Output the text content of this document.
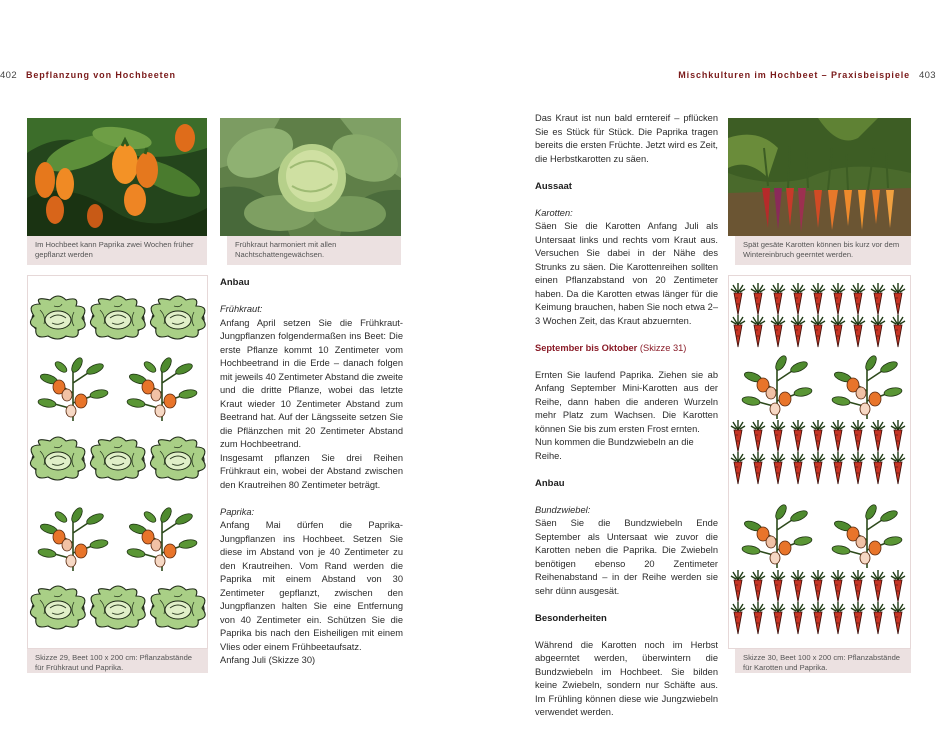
402 Bepflanzung von Hochbeeten	Mischkulturen im Hochbeet – Praxisbeispiele 403
Im Hochbeet kann Paprika zwei Wochen früher gepflanzt werden
Frühkraut harmoniert mit allen Nachtschattengewächsen.
Skizze 29, Beet 100 x 200 cm: Pflanzabstände für Frühkraut und Paprika.

Anbau

Frühkraut:

Anfang April setzen Sie die Frühkraut-Jungpflanzen folgendermaßen ins Beet: Die erste Pflanze kommt 10 Zentimeter vom Hochbeetrand in die Erde – danach folgen mit jeweils 40 Zentimeter Abstand die zweite und die dritte Pflanze, wobei das letzte Kraut wieder 10 Zentimeter Abstand zum Beetrand hat. Auf der Längsseite setzen Sie die Pflänzchen mit 20 Zentimeter Abstand zum Hochbeetrand.

Insgesamt pflanzen Sie drei Reihen Frühkraut ein, wobei der Abstand zwischen den Krautreihen 80 Zentimeter beträgt.

Paprika:

Anfang Mai dürfen die Paprika-Jungpflanzen ins Hochbeet. Setzen Sie diese im Abstand von je 40 Zentimeter zu den Krautreihen. Vom Rand werden die Paprika mit einem Abstand von 30 Zentimeter gepflanzt, zwischen den Jungpflanzen halten Sie eine Entfernung von 40 Zentimeter ein. Schützen Sie die Paprika bis nach den Eisheiligen mit einem Vlies oder einem Frühbeetaufsatz.

Anfang Juli (Skizze 30)

Das Kraut ist nun bald erntereif – pflücken Sie es Stück für Stück. Die Paprika tragen bereits die ersten Früchte. Jetzt wird es Zeit, die Herbstkarotten zu säen.

Aussaat

Karotten:

Säen Sie die Karotten Anfang Juli als Untersaat links und rechts vom Kraut aus. Versuchen Sie dabei in der Nähe des Strunks zu säen. Die Karottenreihen sollten einen Pflanzabstand von 20 Zentimeter haben. Da die Karotten etwas länger für die Keimung brauchen, haben Sie noch etwa 2–3 Wochen Zeit, das Kraut abzuernten.

September bis Oktober (Skizze 31)

Ernten Sie laufend Paprika. Ziehen sie ab Anfang September Mini-Karotten aus der Reihe, dann haben die anderen Wurzeln mehr Platz zum Wachsen. Die Karotten können Sie bis zum ersten Frost ernten.

Nun kommen die Bundzwiebeln an die Reihe.

Anbau

Bundzwiebel:

Säen Sie die Bundzwiebeln Ende September als Untersaat wie zuvor die Karotten neben die Paprika. Die Zwiebeln benötigen ebenso 20 Zentimeter Reihenabstand – in der Reihe werden sie sehr dünn ausgesät.

Besonderheiten

Während die Karotten noch im Herbst abgeerntet werden, überwintern die Bundzwiebeln im Hochbeet. Sie bilden keine Zwiebeln, sondern nur Schäfte aus. Im Frühling können diese wie Jungzwiebeln verwendet werden.

Spät gesäte Karotten können bis kurz vor dem Wintereinbruch geerntet werden.
Skizze 30, Beet 100 x 200 cm: Pflanzabstände für Karotten und Paprika.
